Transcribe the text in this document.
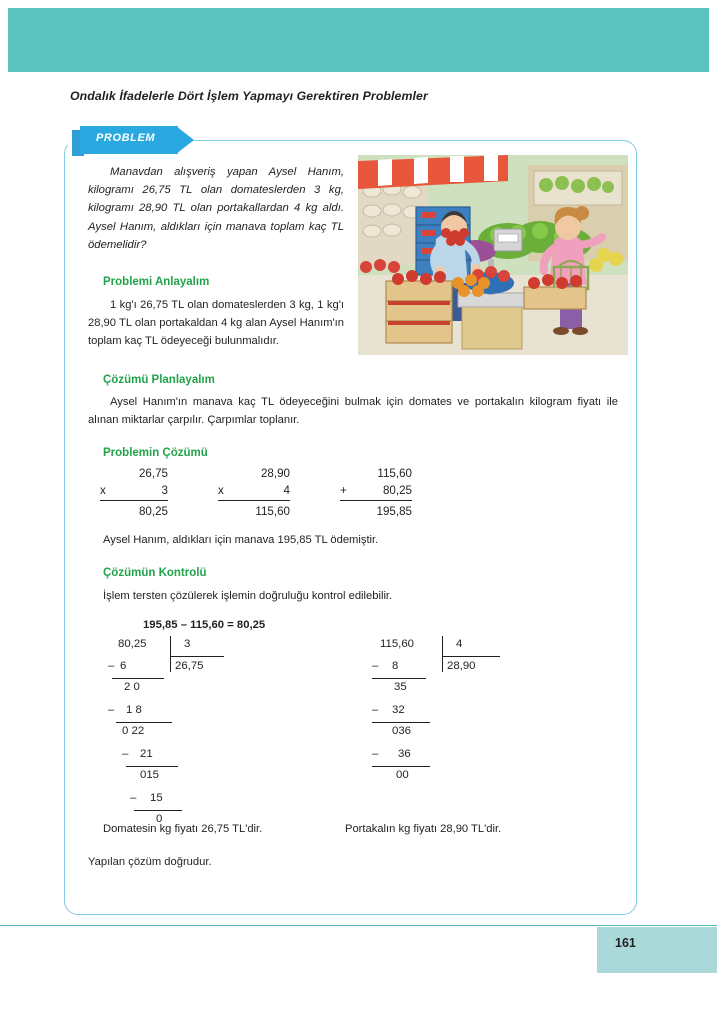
Ondalık İfadelerle Dört İşlem Yapmayı Gerektiren Problemler
PROBLEM
Manavdan alışveriş yapan Aysel Hanım, kilogramı 26,75 TL olan domateslerden 3 kg, kilogramı 28,90 TL olan portakallardan 4 kg aldı. Aysel Hanım, aldıkları için manava toplam kaç TL ödemelidir?
Problemi Anlayalım
1 kg'ı 26,75 TL olan domateslerden 3 kg, 1 kg'ı 28,90 TL olan portakaldan 4 kg alan Aysel Hanım'ın toplam kaç TL ödeyeceği bulunmalıdır.
Çözümü Planlayalım
Aysel Hanım'ın manava kaç TL ödeyeceğini bulmak için domates ve portakalın kilogram fiyatı ile alınan miktarlar çarpılır. Çarpımlar toplanır.
Problemin Çözümü
26,75
x	3
80,25
28,90
x	4
115,60
115,60
+	80,25
195,85
Aysel Hanım, aldıkları için manava 195,85 TL ödemiştir.
Çözümün Kontrolü
İşlem tersten çözülerek işlemin doğruluğu kontrol edilebilir.
195,85 – 115,60 = 80,25
80,25	3
26,75
– 6
2 0
– 1 8
0 22
– 21
015
– 15
0
115,60	4
28,90
– 8
35
– 32
036
– 36
00
Domatesin kg fiyatı 26,75 TL'dir.	Portakalın kg fiyatı 28,90 TL'dir.
Yapılan çözüm doğrudur.
161
